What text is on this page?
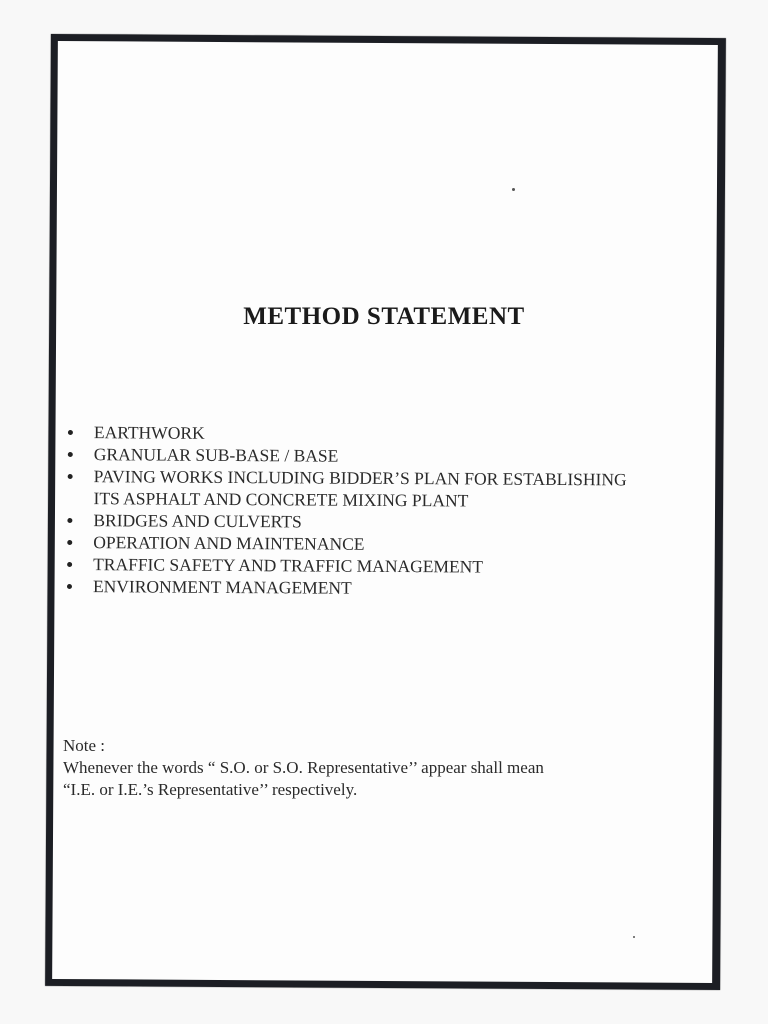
METHOD STATEMENT
EARTHWORK
GRANULAR SUB-BASE / BASE
PAVING WORKS INCLUDING BIDDER’S PLAN FOR ESTABLISHING ITS ASPHALT AND CONCRETE MIXING PLANT
BRIDGES AND CULVERTS
OPERATION AND MAINTENANCE
TRAFFIC SAFETY AND TRAFFIC MANAGEMENT
ENVIRONMENT MANAGEMENT
Note :
Whenever the words “ S.O. or S.O. Representative’’ appear shall mean
“I.E. or I.E.’s Representative’’ respectively.
